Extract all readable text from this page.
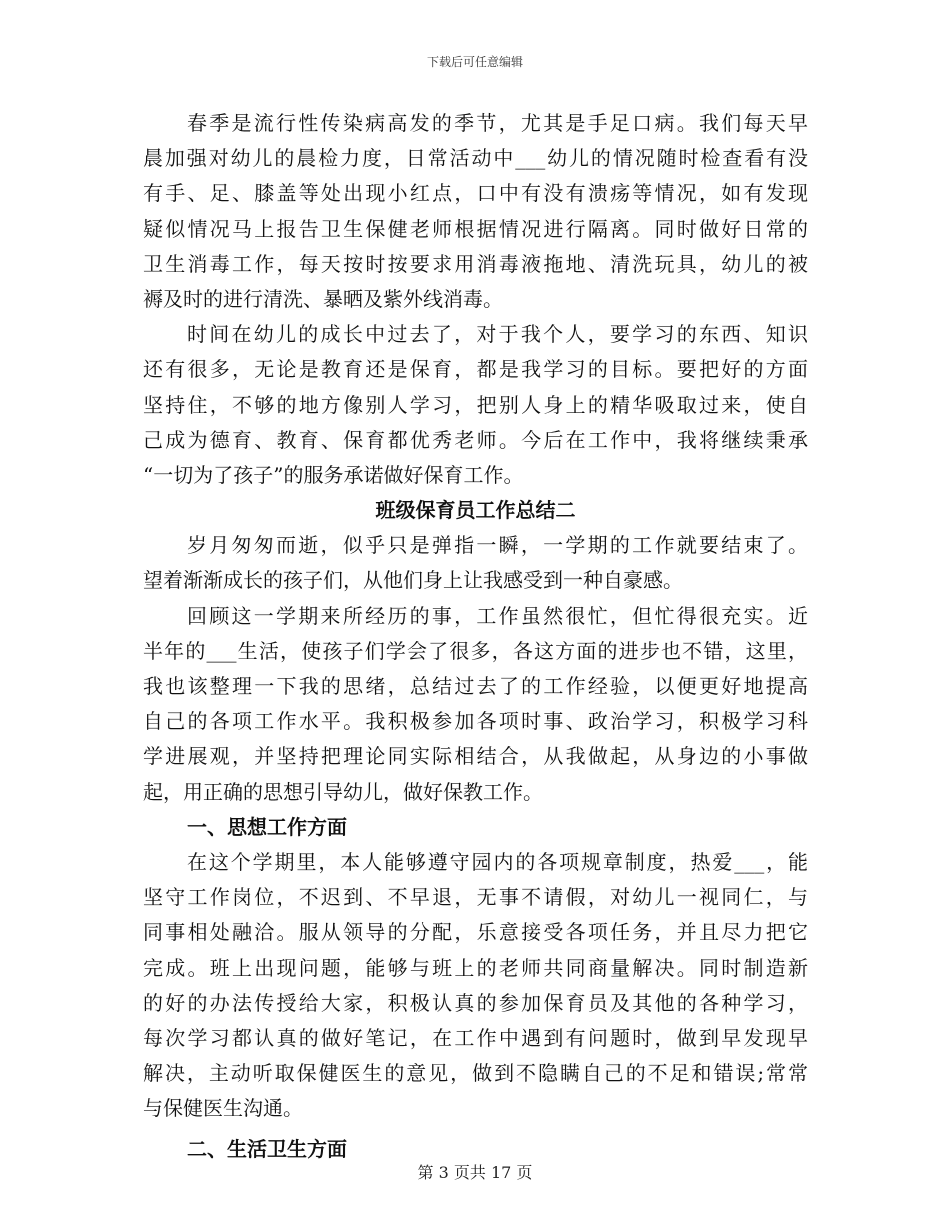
下载后可任意编辑
春季是流行性传染病高发的季节，尤其是手足口病。我们每天早
晨加强对幼儿的晨检力度，日常活动中___幼儿的情况随时检查看有没
有手、足、膝盖等处出现小红点，口中有没有溃疡等情况，如有发现
疑似情况马上报告卫生保健老师根据情况进行隔离。同时做好日常的
卫生消毒工作，每天按时按要求用消毒液拖地、清洗玩具，幼儿的被
褥及时的进行清洗、暴晒及紫外线消毒。
时间在幼儿的成长中过去了，对于我个人，要学习的东西、知识
还有很多，无论是教育还是保育，都是我学习的目标。要把好的方面
坚持住，不够的地方像别人学习，把别人身上的精华吸取过来，使自
己成为德育、教育、保育都优秀老师。今后在工作中，我将继续秉承
“一切为了孩子”的服务承诺做好保育工作。
班级保育员工作总结二
岁月匆匆而逝，似乎只是弹指一瞬，一学期的工作就要结束了。
望着渐渐成长的孩子们，从他们身上让我感受到一种自豪感。
回顾这一学期来所经历的事，工作虽然很忙，但忙得很充实。近
半年的___生活，使孩子们学会了很多，各这方面的进步也不错，这里，
我也该整理一下我的思绪，总结过去了的工作经验，以便更好地提高
自己的各项工作水平。我积极参加各项时事、政治学习，积极学习科
学进展观，并坚持把理论同实际相结合，从我做起，从身边的小事做
起，用正确的思想引导幼儿，做好保教工作。
一、思想工作方面
在这个学期里，本人能够遵守园内的各项规章制度，热爱___，能
坚守工作岗位，不迟到、不早退，无事不请假，对幼儿一视同仁，与
同事相处融洽。服从领导的分配，乐意接受各项任务，并且尽力把它
完成。班上出现问题，能够与班上的老师共同商量解决。同时制造新
的好的办法传授给大家，积极认真的参加保育员及其他的各种学习，
每次学习都认真的做好笔记，在工作中遇到有问题时，做到早发现早
解决，主动听取保健医生的意见，做到不隐瞒自己的不足和错误;常常
与保健医生沟通。
二、生活卫生方面
第 3 页共 17 页
